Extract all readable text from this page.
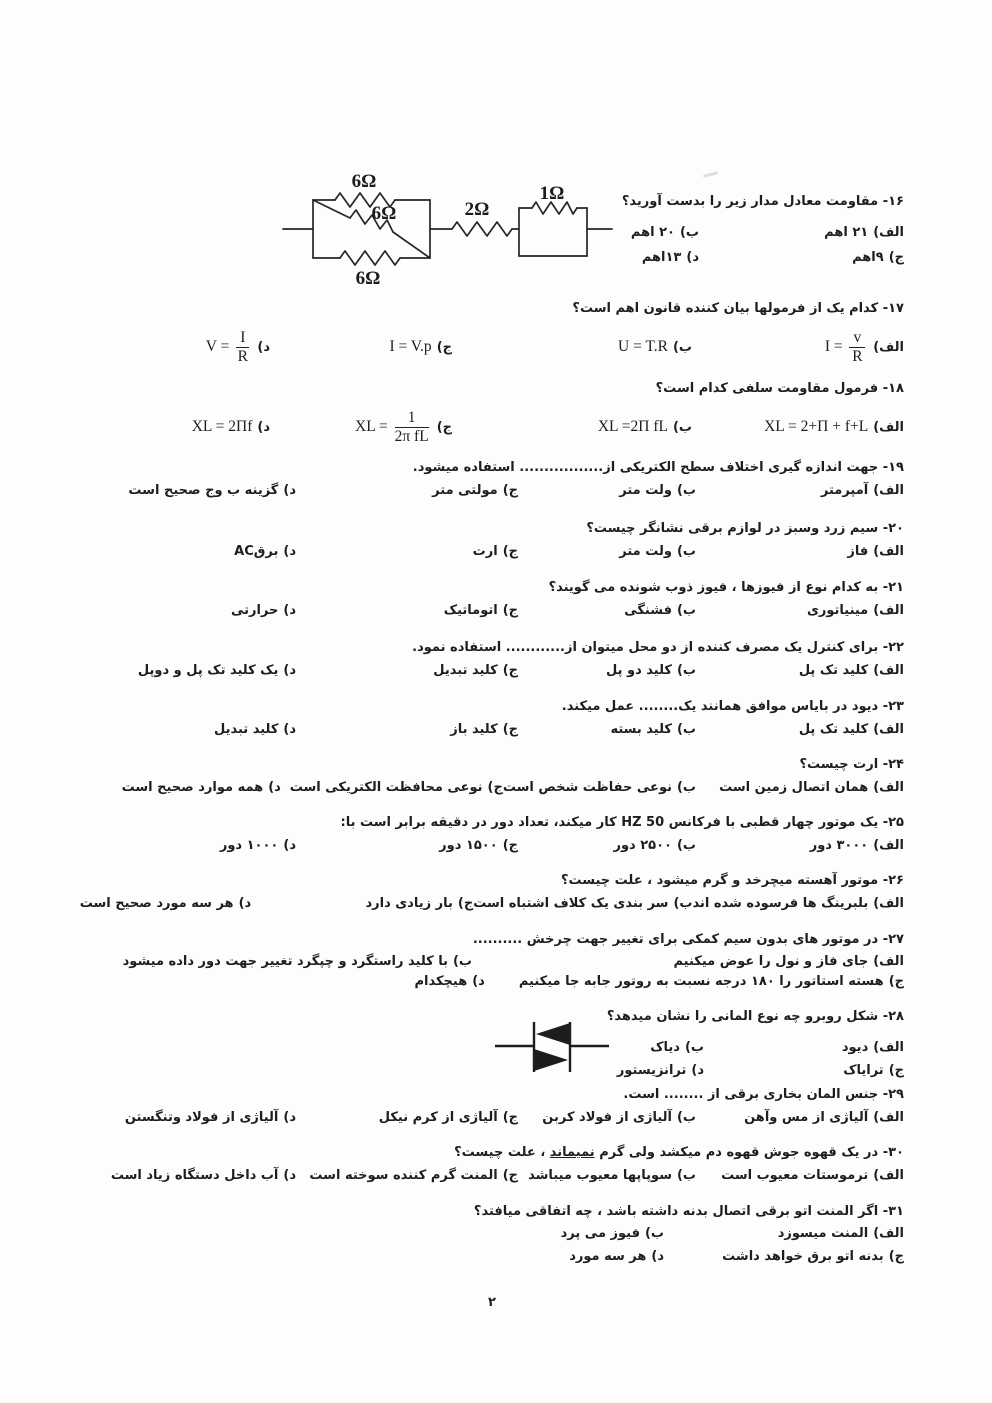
6Ω
6Ω
6Ω
2Ω
1Ω	۱۶- مقاومت معادل مدار زیر را بدست آورید؟
الف)۲۱ اهم
ب)۲۰ اهم
ج)۹اهم
د)۱۳اهم
۱۷- کدام یک از فرمولها بیان کننده قانون اهم است؟
الف)I = $\frac{v}{R}$
ب)U = T.R
ج)I = V.p
د)V = $\frac{I}{R}$
۱۸- فرمول مقاومت سلفی کدام است؟
الف)XL = 2+Π + f+L
ب)XL =2Π fL
ج)XL = $\frac{1}{\text{2π fL}}$
د)XL = 2Πf
۱۹- جهت اندازه گیری اختلاف سطح الکتریکی از................. استفاده میشود.
الف)آمپرمتر
ب)ولت متر
ج)مولتی متر
د)گزینه ب وج صحیح است
۲۰- سیم زرد وسبز در لوازم برقی نشانگر چیست؟
الف)فاز
ب)ولت متر
ج)ارت
د)برقAC
۲۱- به کدام نوع از فیوزها ، فیوز ذوب شونده می گویند؟
الف)مینیاتوری
ب)فشنگی
ج)اتوماتیک
د)حرارتی
۲۲- برای کنترل یک مصرف کننده از دو محل میتوان از............ استفاده نمود.
الف)کلید تک پل
ب)کلید دو پل
ج)کلید تبدیل
د)یک کلید تک پل و دوپل
۲۳- دیود در بایاس موافق همانند یک........ عمل میکند.
الف)کلید تک پل
ب)کلید بسته
ج)کلید باز
د)کلید تبدیل
۲۴- ارت چیست؟
الف)همان اتصال زمین است
ب)نوعی حفاظت شخص است
ج)نوعی محافظت الکتریکی است
د)همه موارد صحیح است
۲۵- یک موتور چهار قطبی با فرکانس 50 HZ کار میکند، تعداد دور در دقیقه برابر است با:
الف)۳۰۰۰ دور
ب)۲۵۰۰ دور
ج)۱۵۰۰ دور
د)۱۰۰۰ دور
۲۶- موتور آهسته میچرخد و گرم میشود ، علت چیست؟
الف)بلبرینگ ها فرسوده شده اند
ب)سر بندی یک کلاف اشتباه است
ج)بار زیادی دارد
د)هر سه مورد صحیح است
۲۷- در موتور های بدون سیم کمکی برای تغییر جهت چرخش ..........
الف)جای فاز و نول را عوض میکنیم
ب)با کلید راستگرد و چپگرد تغییر جهت دور داده میشود
ج)هسته استاتور را ۱۸۰ درجه نسبت به روتور جابه جا میکنیم
د)هیچکدام
۲۸- شکل روبرو چه نوع المانی را نشان میدهد؟
الف)دیود
ب)دیاک
ج)ترایاک
د)ترانزیستور
۲۹- جنس المان بخاری برقی از ........ است.
الف)آلیاژی از مس وآهن
ب)آلیاژی از فولاد کربن
ج)آلیاژی از کرم نیکل
د)آلیاژی از فولاد وتنگستن
۳۰- در یک قهوه جوش قهوه دم میکشد ولی گرم نمیماند ، علت چیست؟
الف)ترموستات معیوب است
ب)سوپاپها معیوب میباشد
ج)المنت گرم کننده سوخته است
د)آب داخل دستگاه زیاد است
۳۱- اگر المنت اتو برقی اتصال بدنه داشته باشد ، چه اتفاقی میافتد؟
الف)المنت میسوزد
ب)فیوز می پرد
ج)بدنه اتو برق خواهد داشت
د)هر سه مورد
۲
